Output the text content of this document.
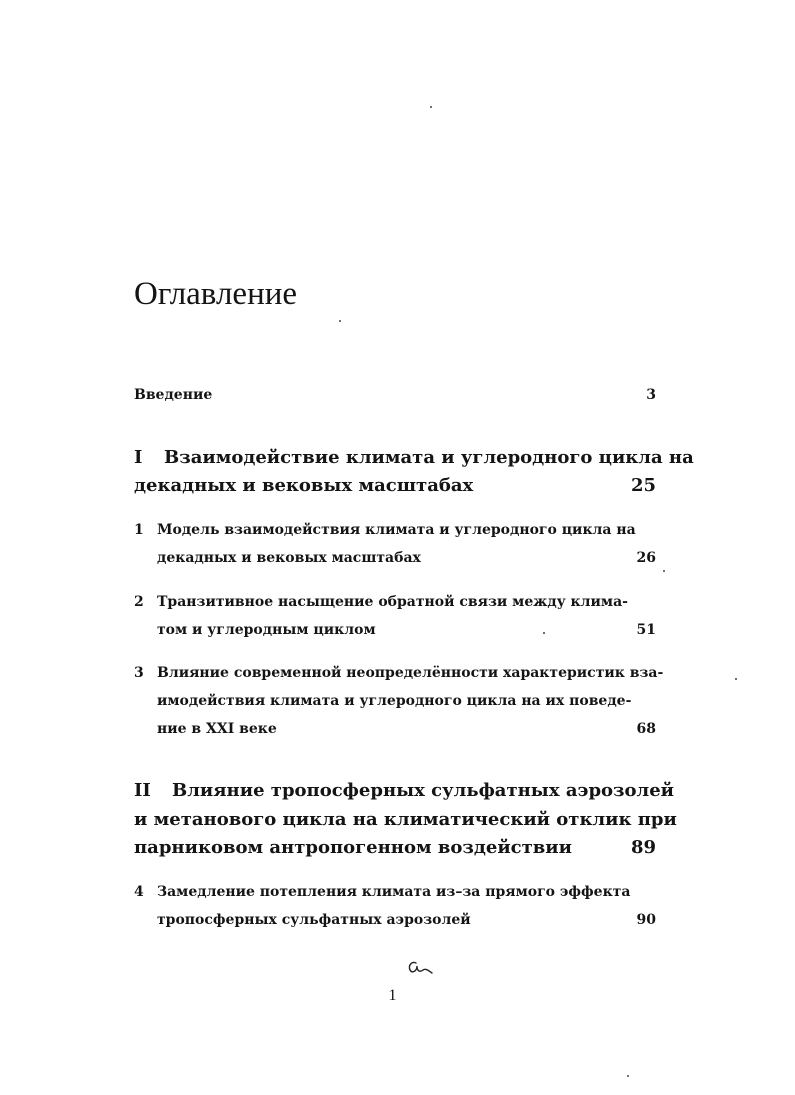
Оглавление
Введение	3
I Взаимодействие климата и углеродного цикла на
декадных и вековых масштабах	25
1 Модель взаимодействия климата и углеродного цикла на
декадных и вековых масштабах	26
2 Транзитивное насыщение обратной связи между клима-
том и углеродным циклом	51
3 Влияние современной неопределённости характеристик вза-
имодействия климата и углеродного цикла на их поведе-
ние в XXI веке	68
II Влияние тропосферных сульфатных аэрозолей
и метанового цикла на климатический отклик при
парниковом антропогенном воздействии	89
4 Замедление потепления климата из–за прямого эффекта
тропосферных сульфатных аэрозолей	90
1
